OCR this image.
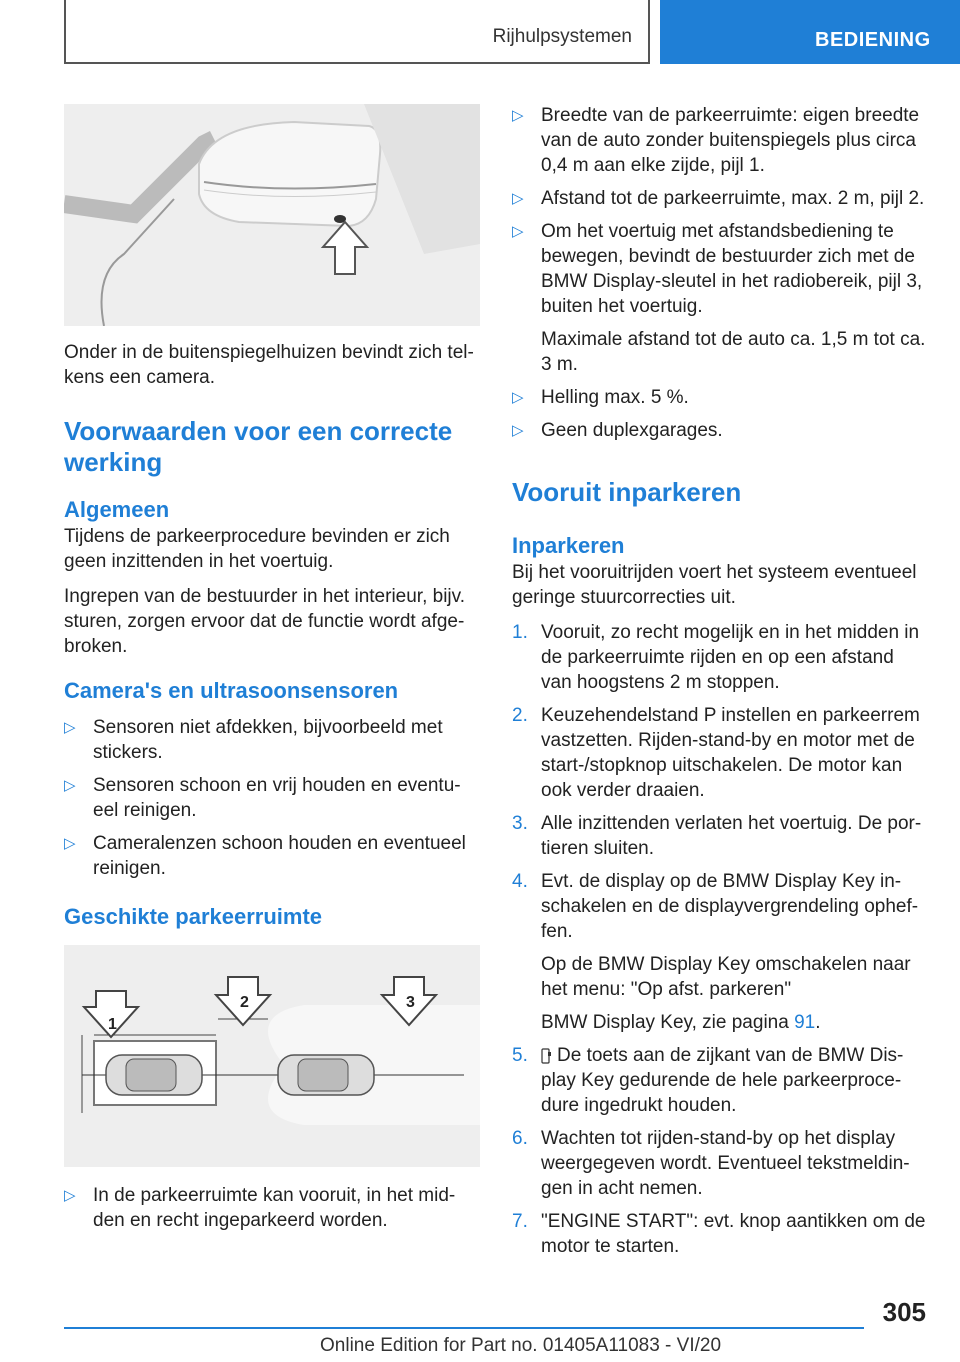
Rijhulpsystemen	BEDIENING

Onder in de buitenspiegelhuizen bevindt zich tel-kens een camera.

Voorwaarden voor een correcte werking
Algemeen

Tijdens de parkeerprocedure bevinden er zich geen inzittenden in het voertuig.

Ingrepen van de bestuurder in het interieur, bijv. sturen, zorgen ervoor dat de functie wordt afge-broken.

Camera's en ultrasoonsensoren
▷ Sensoren niet afdekken, bijvoorbeeld met stickers.
▷ Sensoren schoon en vrij houden en eventu-eel reinigen.
▷ Cameralenzen schoon houden en eventueel reinigen.
Geschikte parkeerruimte
1
2	3
▷ In de parkeerruimte kan vooruit, in het mid-den en recht ingeparkeerd worden.
▷ Breedte van de parkeerruimte: eigen breedte van de auto zonder buitenspiegels plus circa 0,4 m aan elke zijde, pijl 1.
▷ Afstand tot de parkeerruimte, max. 2 m, pijl 2.
▷ Om het voertuig met afstandsbediening te bewegen, bevindt de bestuurder zich met de BMW Display-sleutel in het radiobereik, pijl 3, buiten het voertuig.
Maximale afstand tot de auto ca. 1,5 m tot ca. 3 m.
▷ Helling max. 5 %.
▷ Geen duplexgarages.
Vooruit inparkeren
Inparkeren

Bij het vooruitrijden voert het systeem eventueel geringe stuurcorrecties uit.

1. Vooruit, zo recht mogelijk en in het midden in de parkeerruimte rijden en op een afstand van hoogstens 2 m stoppen.
2. Keuzehendelstand P instellen en parkeerrem vastzetten. Rijden-stand-by en motor met de start-/stopknop uitschakelen. De motor kan ook verder draaien.
3. Alle inzittenden verlaten het voertuig. De por-tieren sluiten.
4. Evt. de display op de BMW Display Key in-schakelen en de displayvergrendeling ophef-fen.
Op de BMW Display Key omschakelen naar het menu: "Op afst. parkeren"
BMW Display Key, zie pagina 91.
5. De toets aan de zijkant van de BMW Dis-play Key gedurende de hele parkeerproce-dure ingedrukt houden.
6. Wachten tot rijden-stand-by op het display weergegeven wordt. Eventueel tekstmeldin-gen in acht nemen.
7. "ENGINE START": evt. knop aantikken om de motor te starten.
305
Online Edition for Part no. 01405A11083 - VI/20
